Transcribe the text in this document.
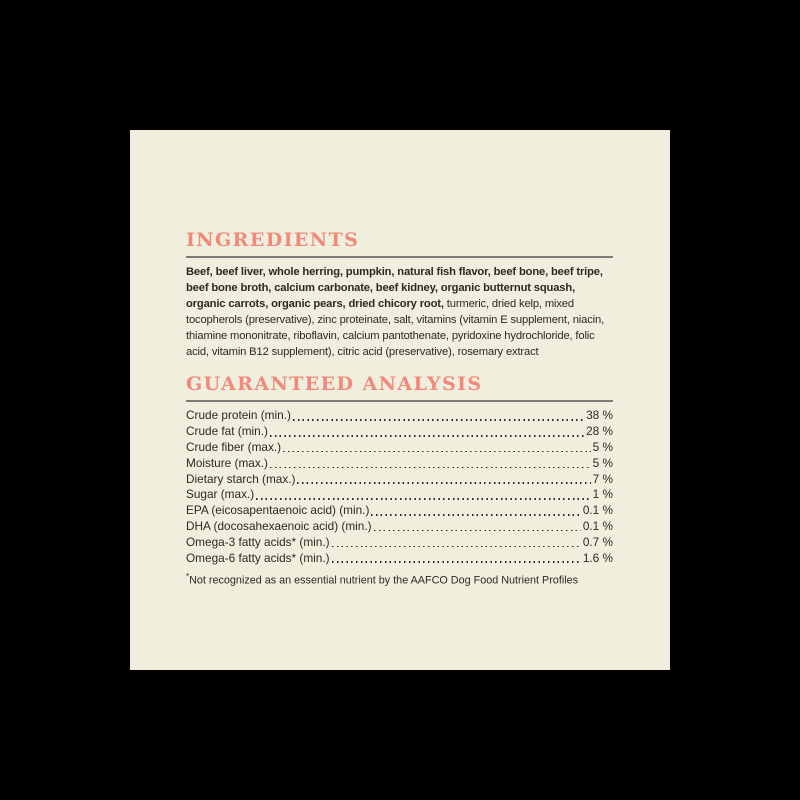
INGREDIENTS

Beef, beef liver, whole herring, pumpkin, natural fish flavor, beef bone, beef tripe, beef bone broth, calcium carbonate, beef kidney, organic butternut squash, organic carrots, organic pears, dried chicory root, turmeric, dried kelp, mixed tocopherols (preservative), zinc proteinate, salt, vitamins (vitamin E supplement, niacin, thiamine mononitrate, riboflavin, calcium pantothenate, pyridoxine hydrochloride, folic acid, vitamin B12 supplement), citric acid (preservative), rosemary extract

GUARANTEED ANALYSIS
Crude protein (min.)	38 %
Crude fat (min.)	28 %
Crude fiber (max.)	5 %
Moisture (max.)	5 %
Dietary starch (max.)	7 %
Sugar (max.)	1 %
EPA (eicosapentaenoic acid) (min.)	0.1 %
DHA (docosahexaenoic acid) (min.)	0.1 %
Omega-3 fatty acids* (min.)	0.7 %
Omega-6 fatty acids* (min.)	1.6 %
*Not recognized as an essential nutrient by the AAFCO Dog Food Nutrient Profiles
